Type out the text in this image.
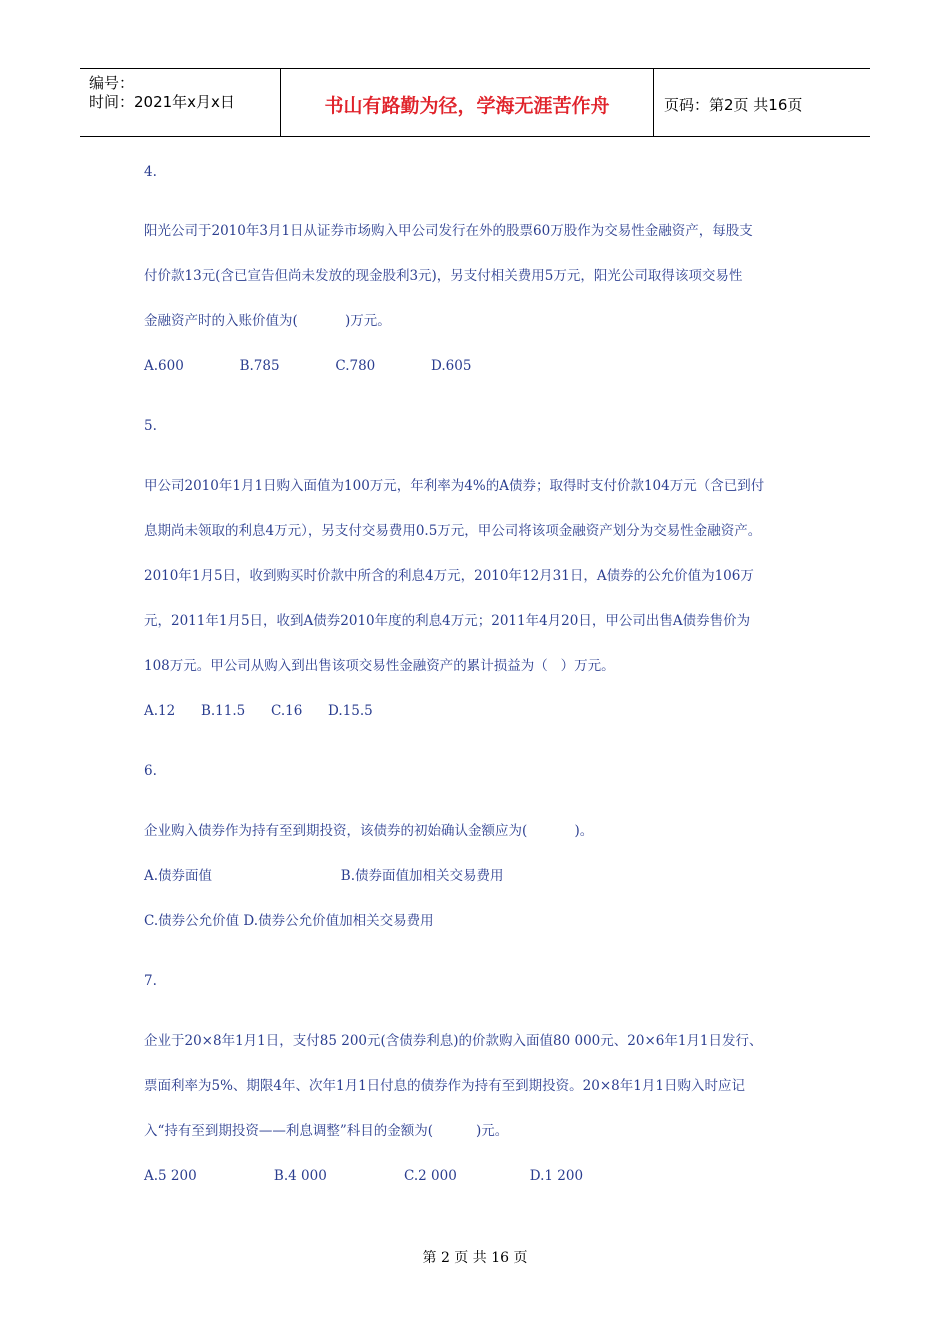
编号：
时间：2021年x月x日	书山有路勤为径，学海无涯苦作舟	页码：第2页 共16页
4.
阳光公司于2010年3月1日从证券市场购入甲公司发行在外的股票60万股作为交易性金融资产，每股支
付价款13元(含已宣告但尚未发放的现金股利3元)，另支付相关费用5万元，阳光公司取得该项交易性
金融资产时的入账价值为(           )万元。
A.600             B.785             C.780             D.605
5.
甲公司2010年1月1日购入面值为100万元，年利率为4%的A债券；取得时支付价款104万元（含已到付
息期尚未领取的利息4万元），另支付交易费用0.5万元，甲公司将该项金融资产划分为交易性金融资产。
2010年1月5日，收到购买时价款中所含的利息4万元，2010年12月31日，A债券的公允价值为106万
元，2011年1月5日，收到A债券2010年度的利息4万元；2011年4月20日，甲公司出售A债券售价为
108万元。甲公司从购入到出售该项交易性金融资产的累计损益为（   ）万元。
A.12      B.11.5      C.16      D.15.5
6.
企业购入债券作为持有至到期投资，该债券的初始确认金额应为(           )。
A.债券面值                              B.债券面值加相关交易费用
C.债券公允价值 D.债券公允价值加相关交易费用
7.
企业于20×8年1月1日，支付85 200元(含债券利息)的价款购入面值80 000元、20×6年1月1日发行、
票面利率为5%、期限4年、次年1月1日付息的债券作为持有至到期投资。20×8年1月1日购入时应记
入“持有至到期投资——利息调整”科目的金额为(          )元。
A.5 200                  B.4 000                  C.2 000                 D.1 200
第 2 页 共 16 页
